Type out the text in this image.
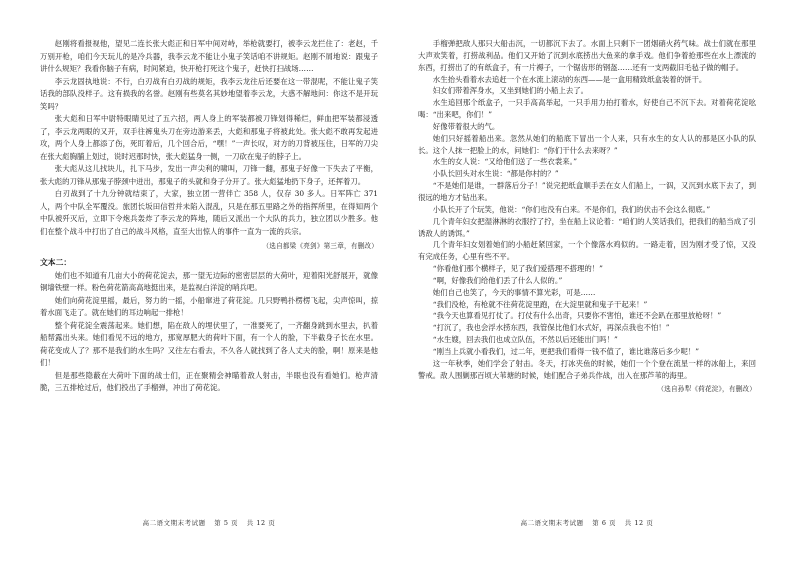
赵刚将看报视他，望见二连长张大彪正和日军中间对峙，举枪就要打，被李云龙拦住了：老赵，千万别开枪，咱们今天玩儿的是冷兵器，我李云龙不能让小鬼子笑话咱不讲规矩。赵刚不屑地说：跟鬼子讲什么规矩？我看你脑子有病，时间紧迫，快开枪打死这个鬼子，赶快打扫战场……

李云龙固执地说：不行，白刃战有白刃战的规矩，我李云龙往后还要在这一带混呢，不能让鬼子笑话我的部队没样子。这有损我的名誉。赵刚有些莫名其妙地望着李云龙，大惑不解地问：你这不是开玩笑吗？

张大彪和日军中尉特眼睛见过了五六招，两人身上的军装都被刀锋划得稀烂，鲜血把军装都浸透了，李云龙两眼的又开，双手往裤鬼头刀在旁边游来丢，大彪和那鬼子将被此处。张大彪不敢再发起进攻，两个人身上都添了伤，死盯着后，几个回合后，“嘿！”一声长叹，对方的刀背被压住，日军的刀尖在张大彪胸脯上划过，说时迟那时快，张大彪猛身一侧，一刀砍在鬼子的脖子上。

张大彪从这儿找块儿，扎下马步，发出一声尖利的啸叫，刀锋一翻，那鬼子好像一下失去了平衡，张大彪的刀锋从那鬼子脖颈中迸出，那鬼子的头就和身子分开了。张大彪猛地扔下身子，还挥着刀。

白刃战到了十九分钟就结束了，大家，独立团一营伴亡 358 人，仅存 30 多人。日军阵亡 371 人，两个中队全军覆没。旅团长坂田信哲并未陷入混乱，只是在那五里路之外的指挥所里，在得知两个中队被歼灭后，立即下令炮兵轰炸了李云龙的阵地，随后又派出一个大队的兵力，独立团以少胜多。他们在整个战斗中打出了自己的战斗风格，直至大出惊人的事件一直为一流的兵宗。

（选自都梁《亮剑》第三章，有删改）
文本二：

她们也不知道有几亩大小的荷花淀去，那一望无边际的密密层层的大荷叶，迎着阳光舒展开，就像铜墙铁壁一样。粉色荷花箭高高地挺出来，是监视白洋淀的哨兵吧。

她们向荷花淀里摇，最后，努力的一摇，小船窜进了荷花淀。几只野鸭扑楞楞飞起，尖声惊叫，掠着水面飞走了。就在她们的耳边响起一排枪！

整个荷花淀全震荡起来。她们想，陷在敌人的埋伏里了，一准要死了，一齐翻身跳到水里去，扒着船帮露出头来。她们看见不远的地方，那宽厚肥大的荷叶下面，有一个人的脸，下半截身子长在水里。荷花变成人了？那不是我们的水生吗？又往左右看去，不久各人就找到了各人丈夫的脸，啊！原来是他们！

但是那些隐蔽在大荷叶下面的战士们，正在聚精会神瞄着敌人射击，半眼也没有看她们。枪声清脆，三五排枪过后，他们投出了手榴弹，冲出了荷花淀。

高二语文期末考试题 第 5 页 共 12 页

手榴弹把敌人那只大船击沉，一切都沉下去了。水面上只剩下一团烟硝火药气味。战士们就在那里大声欢笑着，打捞战利品。他们又开始了沉到水底捞出大鱼来的拿手戏。他们争着抢那些在水上漂流的东西，打捞出了的有纸盒子，有一片褥子，一个锯齿形的钢盔……还有一支两截旧毛毡子做的帽子。

水生抬头看着水去追赶一个在水流上滚动的东西——是一盒用精致纸盒装着的饼干。

妇女们带着浑身水，又坐到她们的小船上去了。

水生追回那个纸盒子，一只手高高举起，一只手用力拍打着水，好使自己不沉下去。对着荷花淀吆喝：“出来吧，你们！”

好像带着很大的气。

她们只好摇着船出来。忽然从她们的船底下冒出一个人来，只有水生的女人认的那是区小队的队长。这个人抹一把脸上的水，问她们：“你们干什么去来呀？”

水生的女人说：“又给他们送了一些衣裳来。”

小队长回头对水生说：“都是你村的？”

“不是她们是谁，一群落后分子！”说完把纸盒顺手丢在女人们船上，一泅，又沉到水底下去了，到很远的地方才钻出来。

小队长开了个玩笑，他说：“你们也没有白来。不是你们，我们的伏击不会这么彻底。”

几个青年妇女把湿淋淋的衣服拧了拧，坐在船上议论着：“咱们的人笑话我们，把我们的船当成了引诱敌人的诱饵。”

几个青年妇女划着她们的小船赶紧回家，一个个像落水鸡似的。一路走着，因为刚才受了惊，又没有完成任务，心里有些不平。

“你看他们那个横样子，见了我们爱搭理不搭理的！”

“啊，好像我们给他们丢了什么人似的。”

她们自己也笑了，今天的事情不算光彩，可是……

“我们没枪，有枪就不往荷花淀里跑，在大淀里就和鬼子干起来！”

“我今天也算看见打仗了。打仗有什么出奇，只要你不害怕，谁还不会趴在那里放枪呀！”

“打沉了，我也会浮水捞东西，我管保比他们水式好，再深点我也不怕！”

“水生嫂，回去我们也成立队伍，不然以后还能出门吗！”

“刚当上兵就小看我们，过二年，更把我们看得一钱不值了，谁比谁落后多少呢！”

这一年秋季，她们学会了射击。冬天，打冰夹鱼的时候，她们一个个登在流星一样的冰船上，来回警戒。敌人围剿那百顷大苇塘的时候，她们配合子弟兵作战，出入在那芦苇的海里。

（选自孙犁《荷花淀》，有删改）
高二语文期末考试题 第 6 页 共 12 页
